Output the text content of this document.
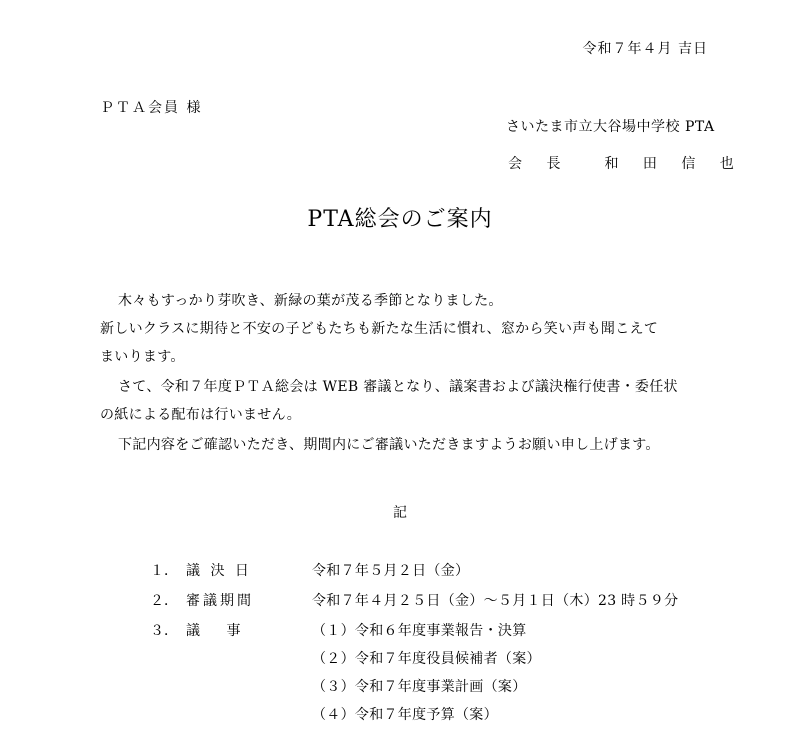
令和７年４月 吉日
ＰＴＡ会員 様
さいたま市立大谷場中学校 PTA
会 長 和 田 信 也
PTA総会のご案内
木々もすっかり芽吹き、新緑の葉が茂る季節となりました。
新しいクラスに期待と不安の子どもたちも新たな生活に慣れ、窓から笑い声も聞こえて
まいります。
さて、令和７年度ＰＴＡ総会は WEB 審議となり、議案書および議決権行使書・委任状
の紙による配布は行いません。
下記内容をご確認いただき、期間内にご審議いただきますようお願い申し上げます。
記
１． 議 決 日	令和７年５月２日（金）
２． 審議期間	令和７年４月２５日（金）～５月１日（木）23 時５９分
３． 議 事	（１）令和６年度事業報告・決算
（２）令和７年度役員候補者（案）
（３）令和７年度事業計画（案）
（４）令和７年度予算（案）
